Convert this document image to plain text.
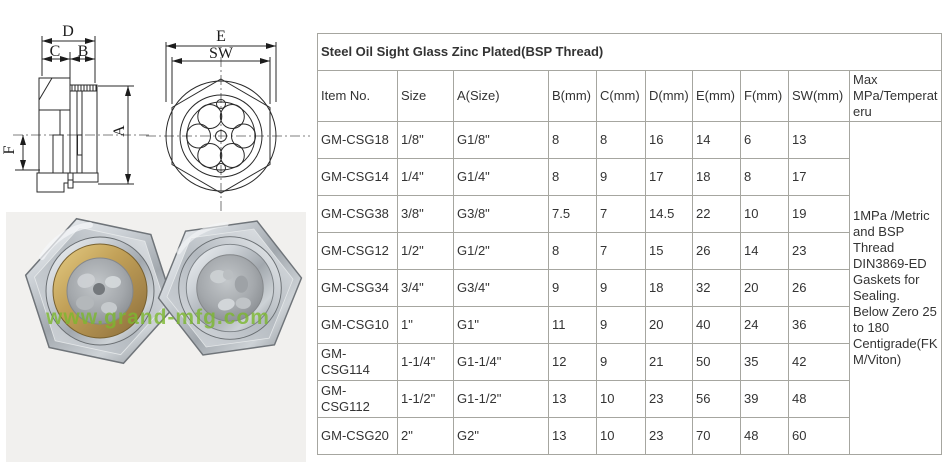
D
C B
F
A
E
SW
www.grand-mfg.com
Steel Oil Sight Glass Zinc Plated(BSP Thread)									
Item No.	Size	A(Size)	B(mm)	C(mm)	D(mm)	E(mm)	F(mm)	SW(mm)	Max MPa/Temperateru
GM-CSG18	1/8"	G1/8"	8	8	16	14	6	13	1MPa /Metric and BSP Thread DIN3869-ED Gaskets for Sealing. Below Zero 25 to 180 Centigrade(FKM/Viton)
GM-CSG14	1/4"	G1/4"	8	9	17	18	8	17	
GM-CSG38	3/8"	G3/8"	7.5	7	14.5	22	10	19	
GM-CSG12	1/2"	G1/2"	8	7	15	26	14	23	
GM-CSG34	3/4"	G3/4"	9	9	18	32	20	26	
GM-CSG10	1"	G1"	11	9	20	40	24	36	
GM-CSG114	1-1/4"	G1-1/4"	12	9	21	50	35	42	
GM-CSG112	1-1/2"	G1-1/2"	13	10	23	56	39	48	
GM-CSG20	2"	G2"	13	10	23	70	48	60	
